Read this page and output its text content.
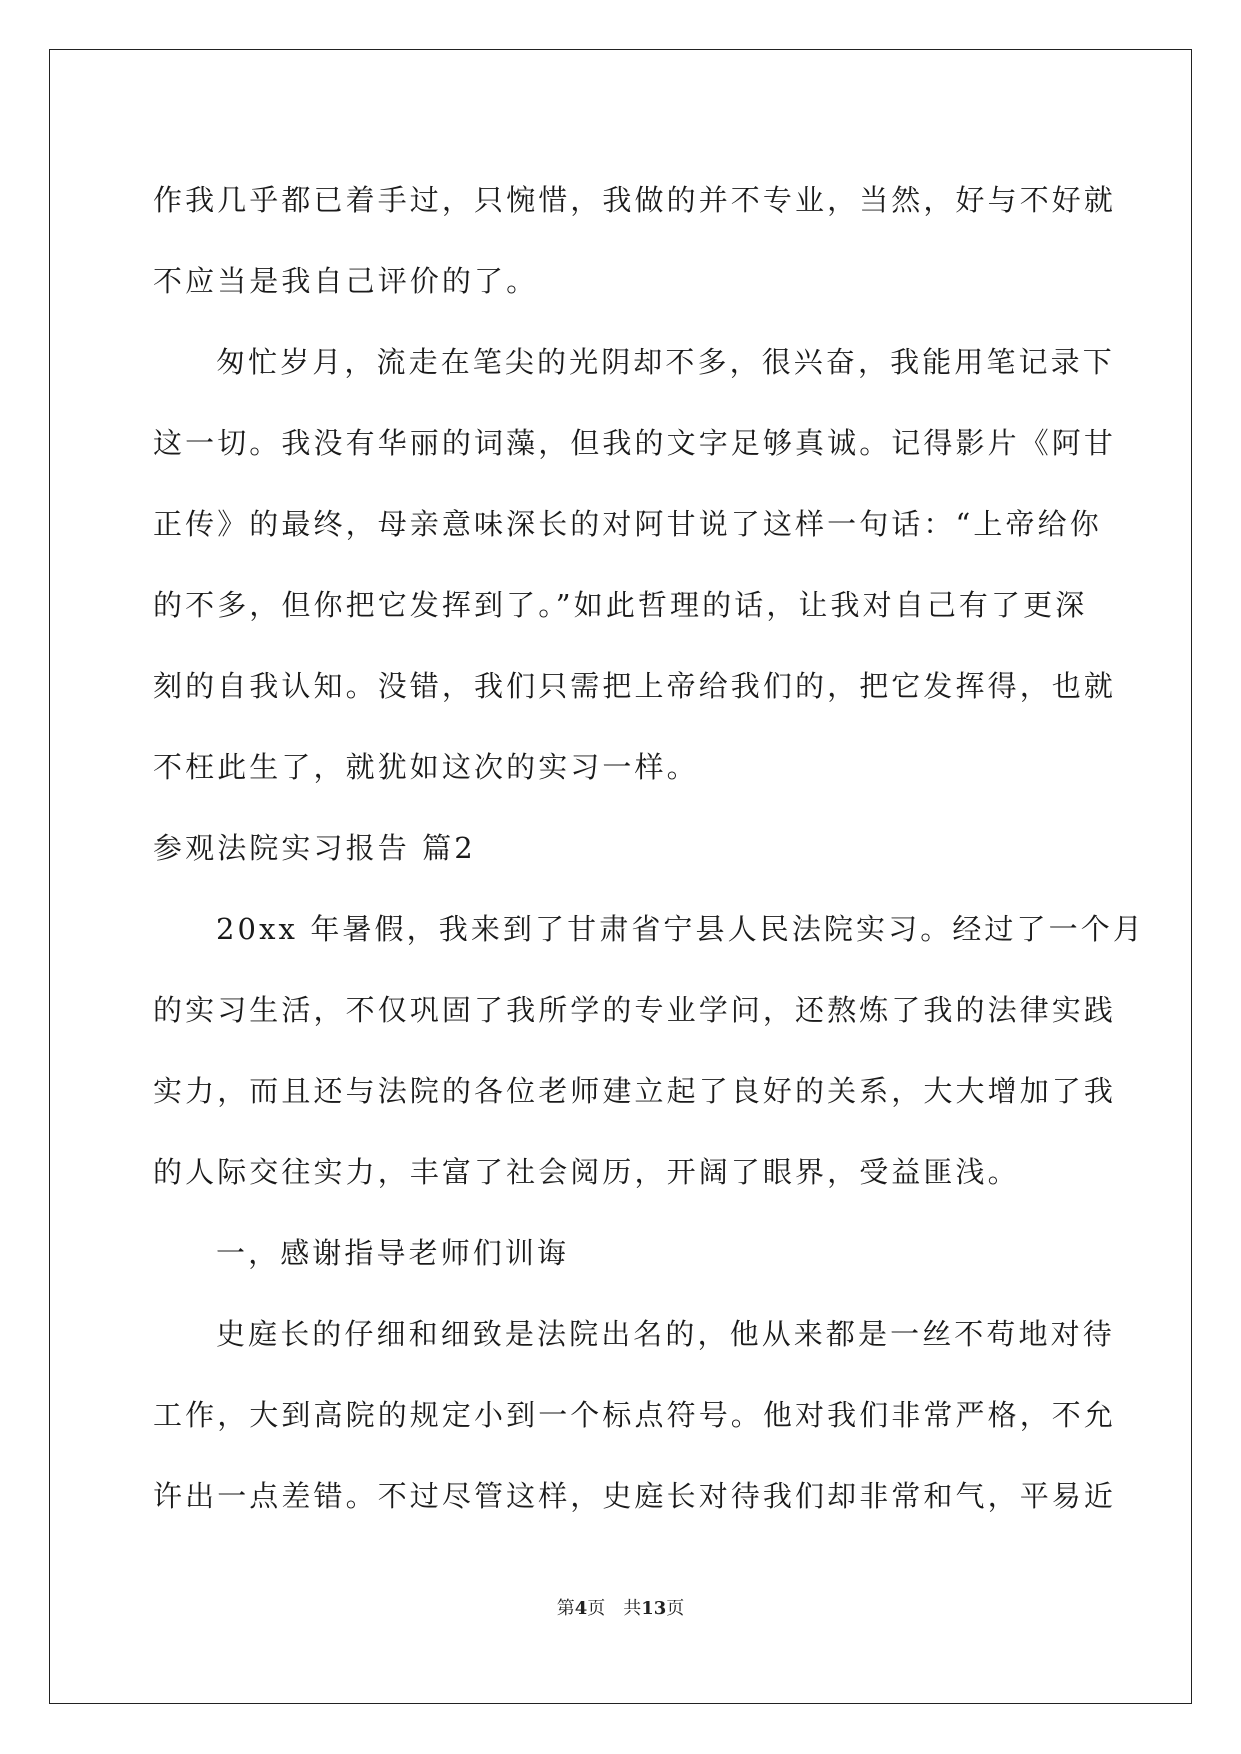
作我几乎都已着手过，只惋惜，我做的并不专业，当然，好与不好就
不应当是我自己评价的了。
匆忙岁月，流走在笔尖的光阴却不多，很兴奋，我能用笔记录下
这一切。我没有华丽的词藻，但我的文字足够真诚。记得影片《阿甘
正传》的最终，母亲意味深长的对阿甘说了这样一句话：“上帝给你
的不多，但你把它发挥到了。”如此哲理的话，让我对自己有了更深
刻的自我认知。没错，我们只需把上帝给我们的，把它发挥得，也就
不枉此生了，就犹如这次的实习一样。
参观法院实习报告 篇2
20xx 年暑假，我来到了甘肃省宁县人民法院实习。经过了一个月
的实习生活，不仅巩固了我所学的专业学问，还熬炼了我的法律实践
实力，而且还与法院的各位老师建立起了良好的关系，大大增加了我
的人际交往实力，丰富了社会阅历，开阔了眼界，受益匪浅。
一，感谢指导老师们训诲
史庭长的仔细和细致是法院出名的，他从来都是一丝不苟地对待
工作，大到高院的规定小到一个标点符号。他对我们非常严格，不允
许出一点差错。不过尽管这样，史庭长对待我们却非常和气，平易近
第4页　共13页
